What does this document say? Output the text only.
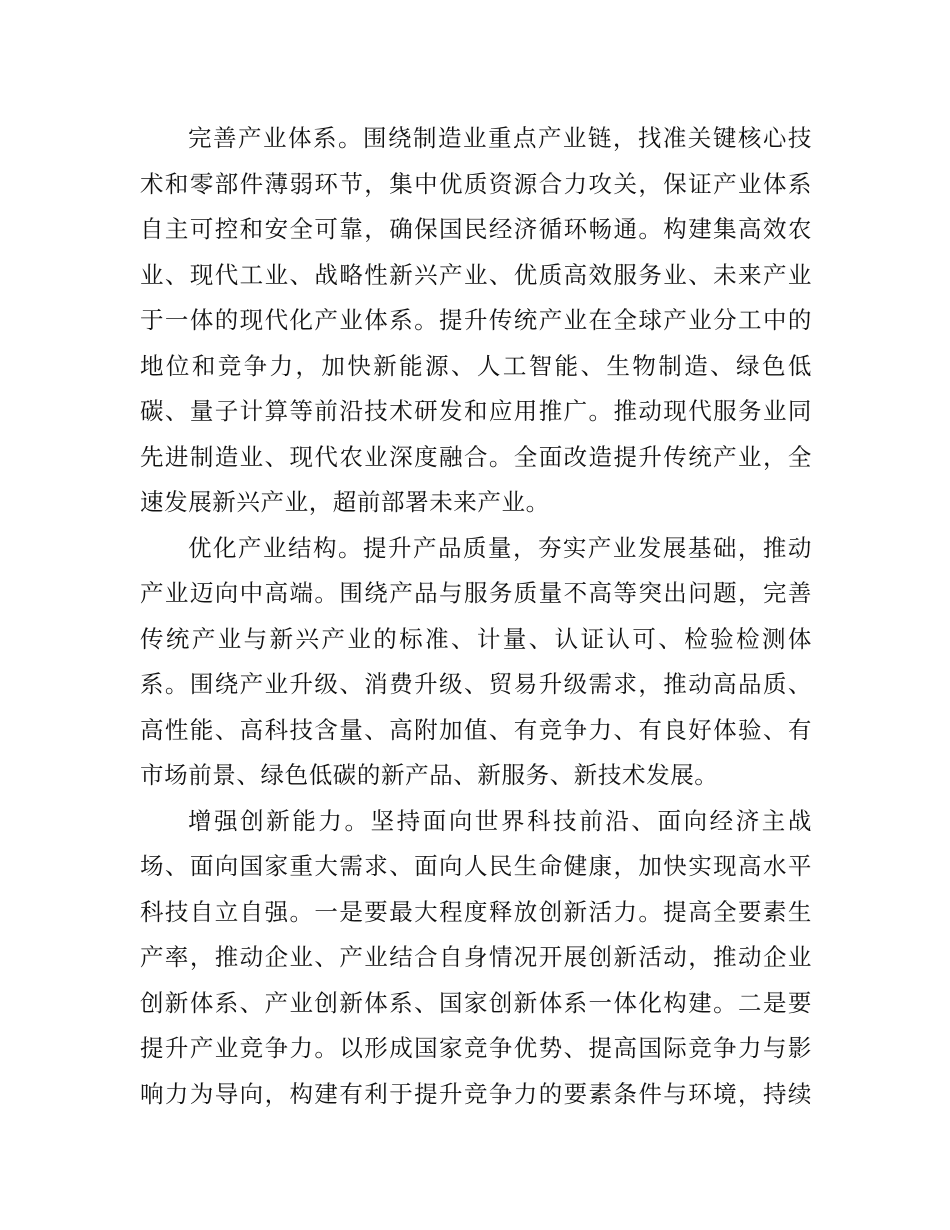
完善产业体系。围绕制造业重点产业链，找准关键核心技
术和零部件薄弱环节，集中优质资源合力攻关，保证产业体系
自主可控和安全可靠，确保国民经济循环畅通。构建集高效农
业、现代工业、战略性新兴产业、优质高效服务业、未来产业
于一体的现代化产业体系。提升传统产业在全球产业分工中的
地位和竞争力，加快新能源、人工智能、生物制造、绿色低
碳、量子计算等前沿技术研发和应用推广。推动现代服务业同
先进制造业、现代农业深度融合。全面改造提升传统产业，全
速发展新兴产业，超前部署未来产业。
优化产业结构。提升产品质量，夯实产业发展基础，推动
产业迈向中高端。围绕产品与服务质量不高等突出问题，完善
传统产业与新兴产业的标准、计量、认证认可、检验检测体
系。围绕产业升级、消费升级、贸易升级需求，推动高品质、
高性能、高科技含量、高附加值、有竞争力、有良好体验、有
市场前景、绿色低碳的新产品、新服务、新技术发展。
增强创新能力。坚持面向世界科技前沿、面向经济主战
场、面向国家重大需求、面向人民生命健康，加快实现高水平
科技自立自强。一是要最大程度释放创新活力。提高全要素生
产率，推动企业、产业结合自身情况开展创新活动，推动企业
创新体系、产业创新体系、国家创新体系一体化构建。二是要
提升产业竞争力。以形成国家竞争优势、提高国际竞争力与影
响力为导向，构建有利于提升竞争力的要素条件与环境，持续
